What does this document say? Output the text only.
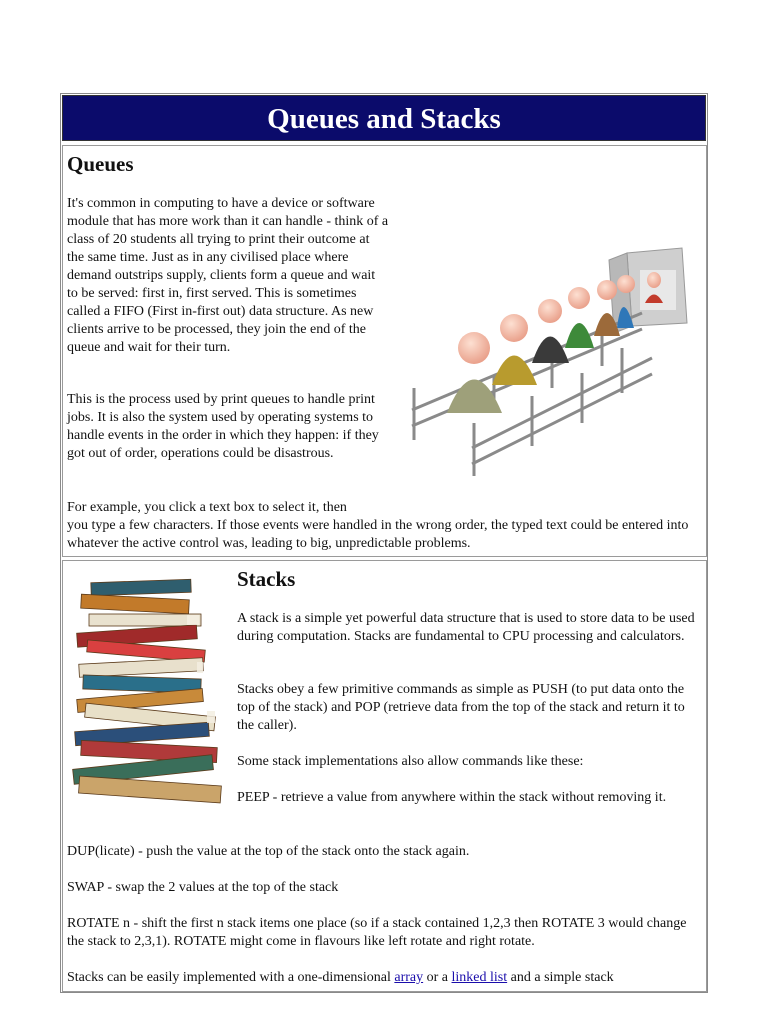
Queues and Stacks
Queues

It's common in computing to have a device or software module that has more work than it can handle - think of a class of 20 students all trying to print their outcome at the same time. Just as in any civilised place where demand outstrips supply, clients form a queue and wait to be served: first in, first served. This is sometimes called a FIFO (First in-first out) data structure. As new clients arrive to be processed, they join the end of the queue and wait for their turn.

This is the process used by print queues to handle print jobs. It is also the system used by operating systems to handle events in the order in which they happen: if they got out of order, operations could be disastrous.

For example, you click a text box to select it, then

you type a few characters. If those events were handled in the wrong order, the typed text could be entered into whatever the active control was, leading to big, unpredictable problems.

Stacks

A stack is a simple yet powerful data structure that is used to store data to be used during computation. Stacks are fundamental to CPU processing and calculators.

Stacks obey a few primitive commands as simple as PUSH (to put data onto the top of the stack) and POP (retrieve data from the top of the stack and return it to the caller).

Some stack implementations also allow commands like these:

PEEP - retrieve a value from anywhere within the stack without removing it.

DUP(licate) - push the value at the top of the stack onto the stack again.

SWAP - swap the 2 values at the top of the stack

ROTATE n - shift the first n stack items one place (so if a stack contained 1,2,3 then ROTATE 3 would change the stack to 2,3,1). ROTATE might come in flavours like left rotate and right rotate.

Stacks can be easily implemented with a one-dimensional array or a linked list and a simple stack
